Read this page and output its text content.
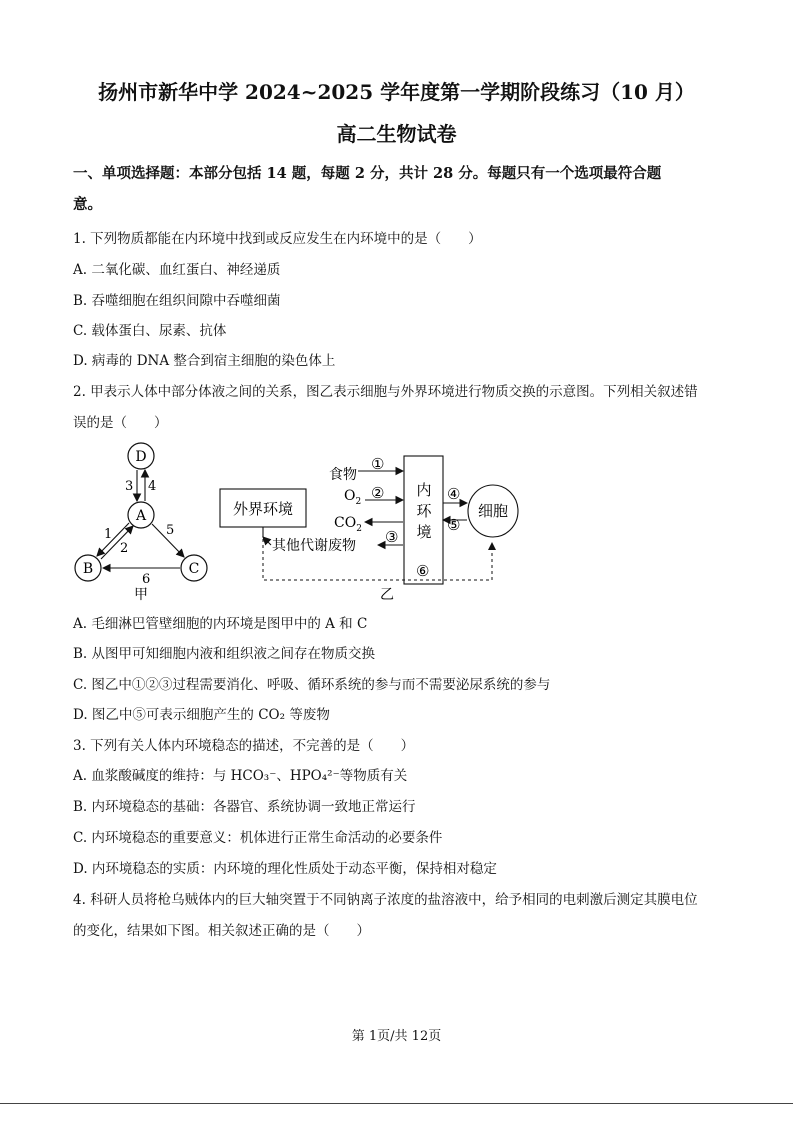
扬州市新华中学 2024~2025 学年度第一学期阶段练习（10 月）
高二生物试卷
一、单项选择题：本部分包括 14 题，每题 2 分，共计 28 分。每题只有一个选项最符合题
意。
1. 下列物质都能在内环境中找到或反应发生在内环境中的是（　　）
A. 二氧化碳、血红蛋白、神经递质
B. 吞噬细胞在组织间隙中吞噬细菌
C. 载体蛋白、尿素、抗体
D. 病毒的 DNA 整合到宿主细胞的染色体上
2. 甲表示人体中部分体液之间的关系，图乙表示细胞与外界环境进行物质交换的示意图。下列相关叙述错
误的是（　　）
D
A
B	C
3 4
1
2
5
6
甲
外界环境
内
环
境
细胞
食物
①
$O_2$ ②
$CO_2$
其他代谢废物 ③
④
⑤
⑥
乙
A. 毛细淋巴管壁细胞的内环境是图甲中的 A 和 C
B. 从图甲可知细胞内液和组织液之间存在物质交换
C. 图乙中①②③过程需要消化、呼吸、循环系统的参与而不需要泌尿系统的参与
D. 图乙中⑤可表示细胞产生的 CO₂ 等废物
3. 下列有关人体内环境稳态的描述，不完善的是（　　）
A. 血浆酸碱度的维持：与 HCO₃⁻、HPO₄²⁻等物质有关
B. 内环境稳态的基础：各器官、系统协调一致地正常运行
C. 内环境稳态的重要意义：机体进行正常生命活动的必要条件
D. 内环境稳态的实质：内环境的理化性质处于动态平衡，保持相对稳定
4. 科研人员将枪乌贼体内的巨大轴突置于不同钠离子浓度的盐溶液中，给予相同的电刺激后测定其膜电位
的变化，结果如下图。相关叙述正确的是（　　）
第 1页/共 12页
